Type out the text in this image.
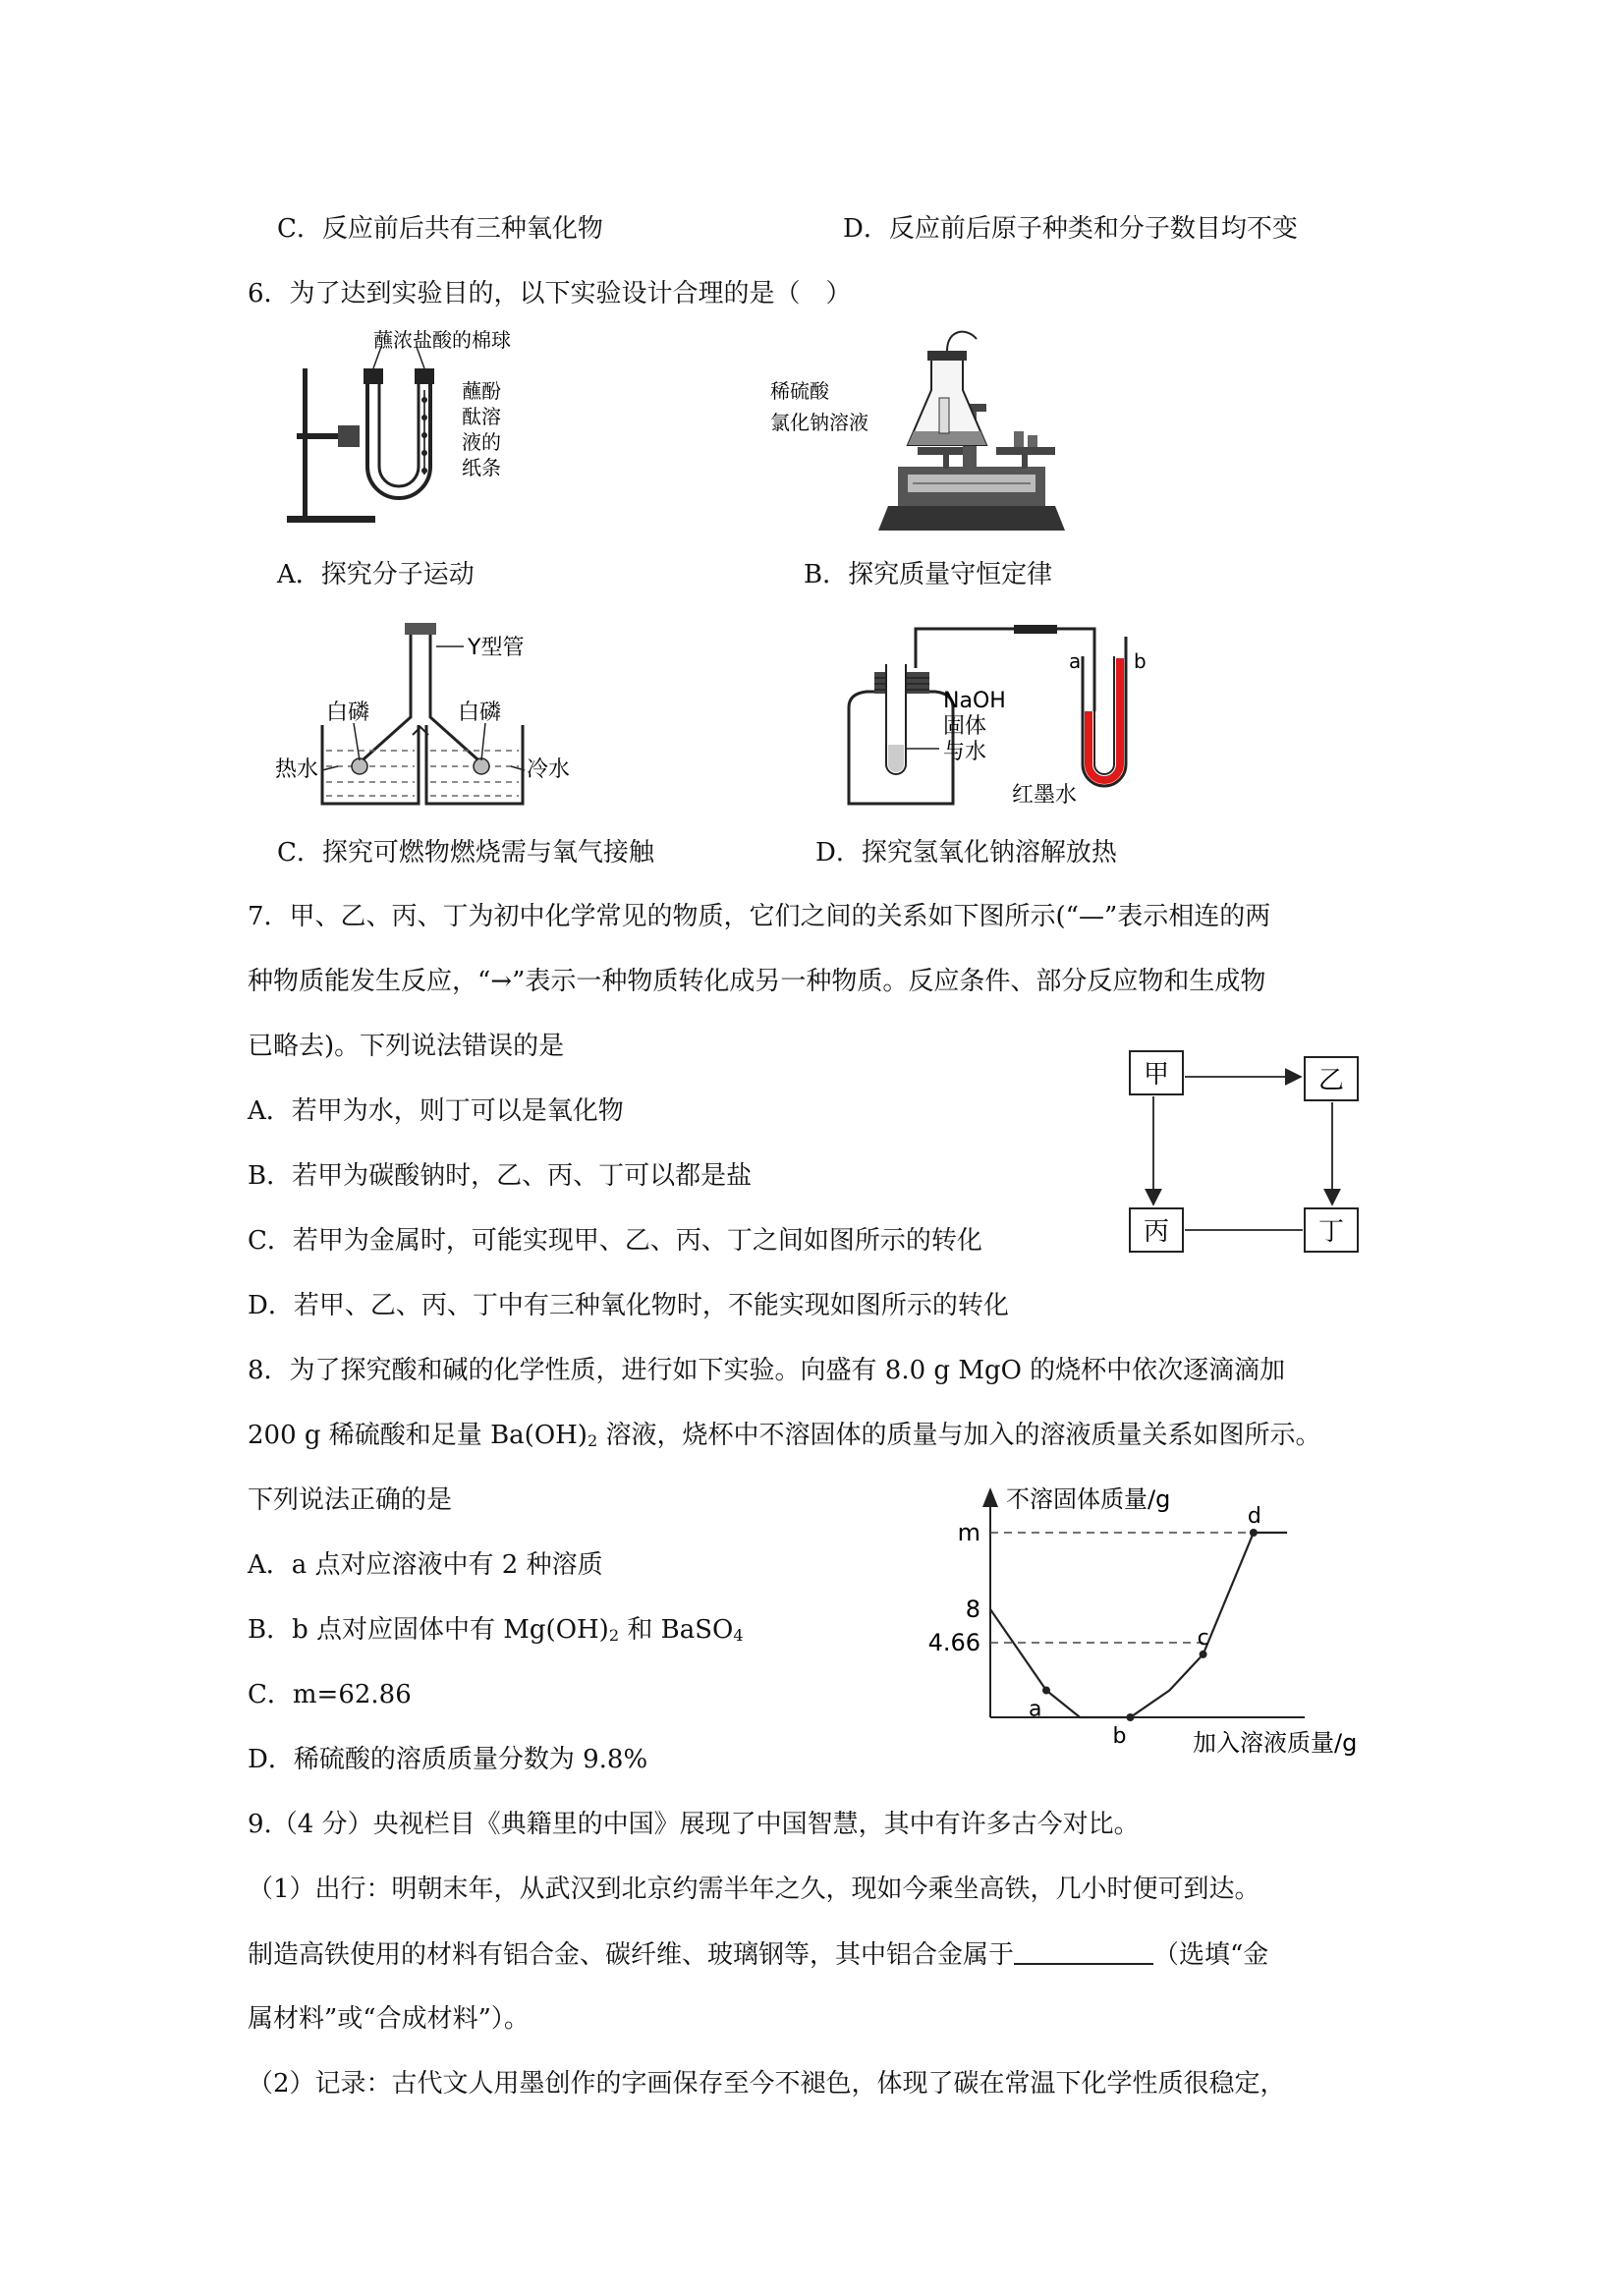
C．反应前后共有三种氧化物	D．反应前后原子种类和分子数目均不变
6．为了达到实验目的，以下实验设计合理的是（　）
蘸浓盐酸的棉球
蘸酚
酞溶
液的
纸条
稀硫酸
氯化钠溶液
A．探究分子运动	B．探究质量守恒定律
Y型管
白磷	白磷
热水	冷水
a	b
NaOH
固体
与水
红墨水
C．探究可燃物燃烧需与氧气接触	D．探究氢氧化钠溶解放热
7．甲、乙、丙、丁为初中化学常见的物质，它们之间的关系如下图所示(“—”表示相连的两
种物质能发生反应，“→”表示一种物质转化成另一种物质。反应条件、部分反应物和生成物
已略去)。下列说法错误的是
A．若甲为水，则丁可以是氧化物
B．若甲为碳酸钠时，乙、丙、丁可以都是盐
C．若甲为金属时，可能实现甲、乙、丙、丁之间如图所示的转化
D．若甲、乙、丙、丁中有三种氧化物时，不能实现如图所示的转化
甲	乙
丙	丁
8．为了探究酸和碱的化学性质，进行如下实验。向盛有 8.0 g MgO 的烧杯中依次逐滴滴加
200 g 稀硫酸和足量 $Ba(OH)_2$ 溶液，烧杯中不溶固体的质量与加入的溶液质量关系如图所示。
下列说法正确的是
A．a 点对应溶液中有 2 种溶质
B．b 点对应固体中有 $Mg(OH)_2$ 和 BaSO$_4$
C．m=62.86
D．稀硫酸的溶质质量分数为 9.8%
不溶固体质量/g
加入溶液质量/g
m
8
4.66
a
b
c
d
9.（4 分）央视栏目《典籍里的中国》展现了中国智慧，其中有许多古今对比。
（1）出行：明朝末年，从武汉到北京约需半年之久，现如今乘坐高铁，几小时便可到达。
制造高铁使用的材料有铝合金、碳纤维、玻璃钢等，其中铝合金属于	（选填“金
属材料”或“合成材料”）。
（2）记录：古代文人用墨创作的字画保存至今不褪色，体现了碳在常温下化学性质很稳定，
